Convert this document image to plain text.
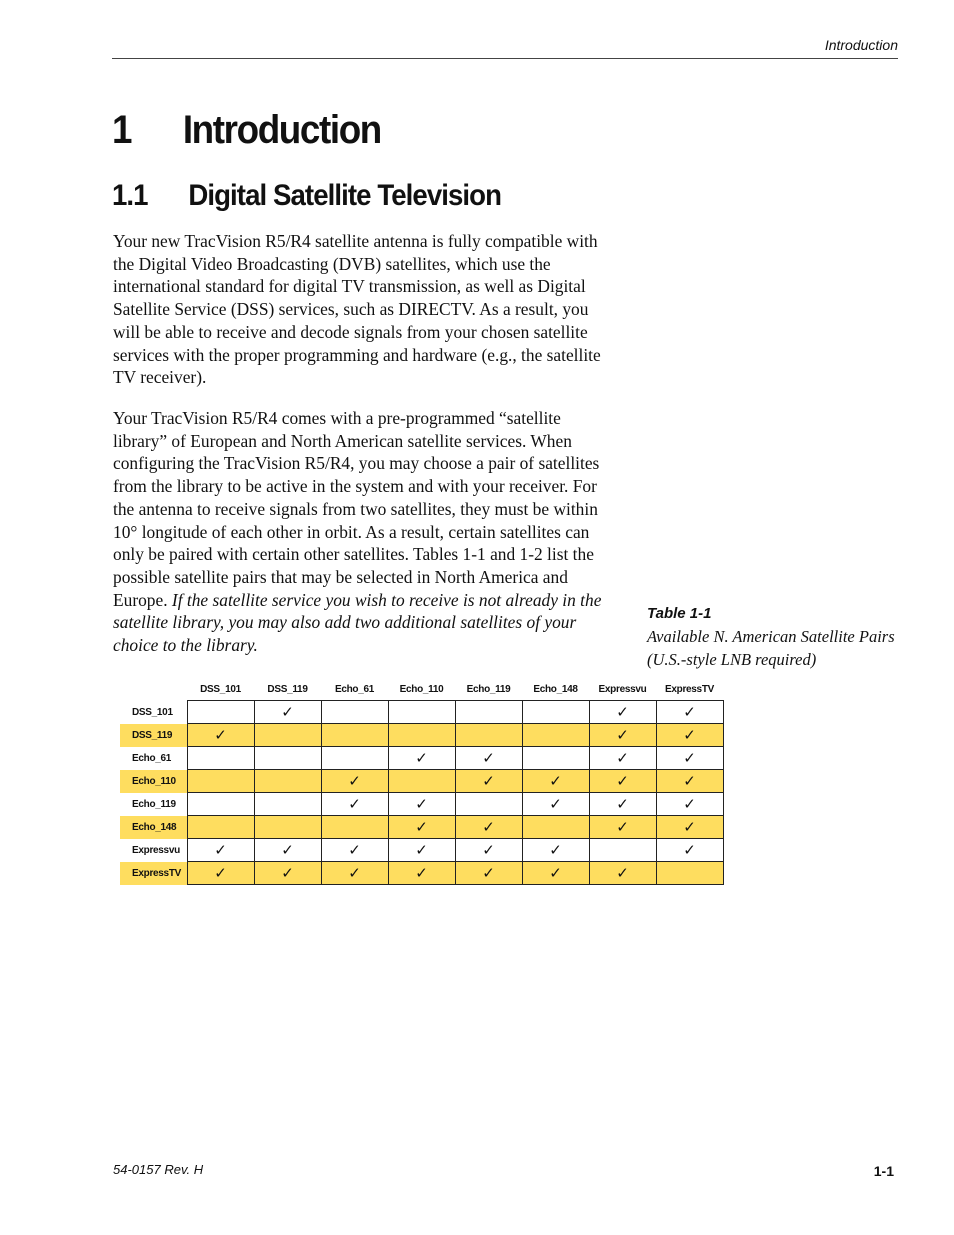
Introduction
1 Introduction
1.1 Digital Satellite Television

Your new TracVision R5/R4 satellite antenna is fully compatible with the Digital Video Broadcasting (DVB) satellites, which use the international standard for digital TV transmission, as well as Digital Satellite Service (DSS) services, such as DIRECTV. As a result, you will be able to receive and decode signals from your chosen satellite services with the proper programming and hardware (e.g., the satellite TV receiver).

Your TracVision R5/R4 comes with a pre-programmed “satellite library” of European and North American satellite services. When configuring the TracVision R5/R4, you may choose a pair of satellites from the library to be active in the system and with your receiver. For the antenna to receive signals from two satellites, they must be within 10° longitude of each other in orbit. As a result, certain satellites can only be paired with certain other satellites. Tables 1-1 and 1-2 list the possible satellite pairs that may be selected in North America and Europe. If the satellite service you wish to receive is not already in the satellite library, you may also add two additional satellites of your choice to the library.

Table 1-1
Available N. American Satellite Pairs (U.S.-style LNB required)
	DSS_101	DSS_119	Echo_61	Echo_110	Echo_119	Echo_148	Expressvu	ExpressTV
DSS_101		✓					✓	✓
DSS_119	✓						✓	✓
Echo_61				✓	✓		✓	✓
Echo_110			✓		✓	✓	✓	✓
Echo_119			✓	✓		✓	✓	✓
Echo_148				✓	✓		✓	✓
Expressvu	✓	✓	✓	✓	✓	✓		✓
ExpressTV	✓	✓	✓	✓	✓	✓	✓	
54-0157 Rev. H	1-1
